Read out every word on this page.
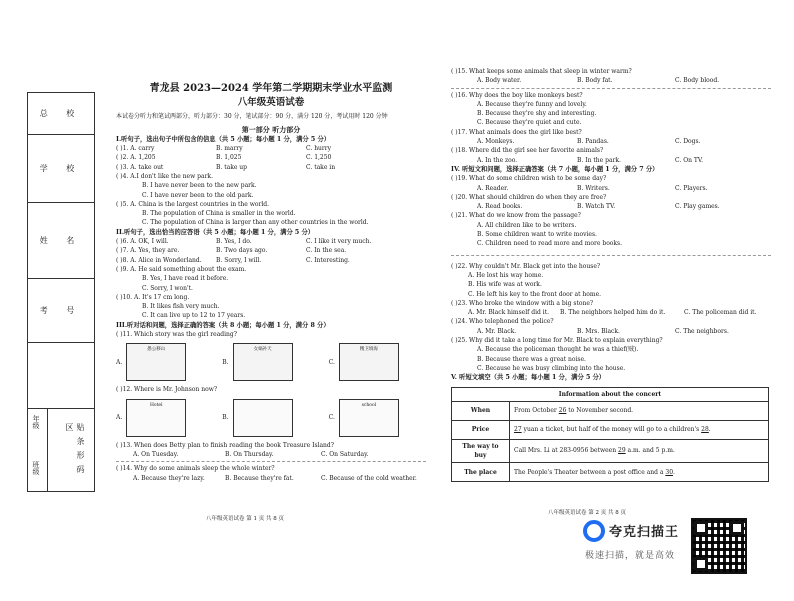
总 校
学 校
姓 名
考 号
年级
班级	贴条形码区
青龙县 2023—2024 学年第二学期期末学业水平监测
八年级英语试卷
本试卷分听力和笔试两部分，听力部分：30 分，笔试部分：90 分，满分 120 分，考试用时 120 分钟
第一部分 听力部分
I.听句子，选出句子中所包含的信息（共 5 小题；每小题 1 分，满分 5 分）
( )1. A. carry	B. marry	C. hurry
( )2. A. 1,205	B. 1,025	C. 1,250
( )3. A. take out	B. take up	C. take in
( )4. A.I don't like the new park.
B. I have never been to the new park.
C. I have never been to the old park.
( )5. A. China is the largest countries in the world.
B. The population of China is smaller in the world.
C. The population of China is larger than any other countries in the world.
II.听句子，选出恰当的应答语（共 5 小题；每小题 1 分，满分 5 分）
( )6. A. OK, I will.	B. Yes, I do.	C. I like it very much.
( )7. A. Yes, they are.	B. Two days ago.	C. In the sea.
( )8. A. Alice in Wonderland.	B. Sorry, I will.	C. Interesting.
( )9. A. He said something about the exam.
B. Yes, I have read it before.
C. Sorry, I won't.
( )10. A. It's 17 cm long.
B. It likes fish very much.
C. It can live up to 12 to 17 years.
III.听对话和问题，选择正确的答案（共 8 小题；每小题 1 分，满分 8 分）
( )11. Which story was the girl reading?
A.
愚公移山
B.
女娲补天
C.
精卫填海
( )12. Where is Mr. Johnson now?
A.
Hotel
B.	C.
school
( )13. When does Betty plan to finish reading the book Treasure Island?
A. On Tuesday.	B. On Thursday.	C. On Saturday.
( )14. Why do some animals sleep the whole winter?
A. Because they're lazy.	B. Because they're fat.	C. Because of the cold weather.
八年级英语试卷 第 1 页 共 8 页
( )15. What keeps some animals that sleep in winter warm?
A. Body water.	B. Body fat.	C. Body blood.
( )16. Why does the boy like monkeys best?
A. Because they're funny and lovely.
B. Because they're shy and interesting.
C. Because they're quiet and cute.
( )17. What animals does the girl like best?
A. Monkeys.	B. Pandas.	C. Dogs.
( )18. Where did the girl see her favorite animals?
A. In the zoo.	B. In the park.	C. On TV.
IV. 听短文和问题，选择正确答案（共 7 小题，每小题 1 分，满分 7 分）
( )19. What do some children wish to be some day?
A. Reader.	B. Writers.	C. Players.
( )20. What should children do when they are free?
A. Read books.	B. Watch TV.	C. Play games.
( )21. What do we know from the passage?
A. All children like to be writers.
B. Some children want to write movies.
C. Children need to read more and more books.
( )22. Why couldn't Mr. Black get into the house?
A. He lost his way home.
B. His wife was at work.
C. He left his key to the front door at home.
( )23. Who broke the window with a big stone?
A. Mr. Black himself did it.	B. The neighbors helped him do it.	C. The policeman did it.
( )24. Who telephoned the police?
A. Mr. Black.	B. Mrs. Black.	C. The neighbors.
( )25. Why did it take a long time for Mr. Black to explain everything?
A. Because the policeman thought he was a thief(贼).
B. Because there was a great noise.
C. Because he was busy climbing into the house.
V. 听短文填空（共 5 小题；每小题 1 分，满分 5 分）
Information about the concert	
When	From October 26 to November second.
Price	27 yuan a ticket, but half of the money will go to a children's 28.
The way to buy	Call Mrs. Li at 283-0956 between 29 a.m. and 5 p.m.
The place	The People's Theater between a post office and a 30.
八年级英语试卷 第 2 页 共 8 页
夸克扫描王
极速扫描，就是高效
